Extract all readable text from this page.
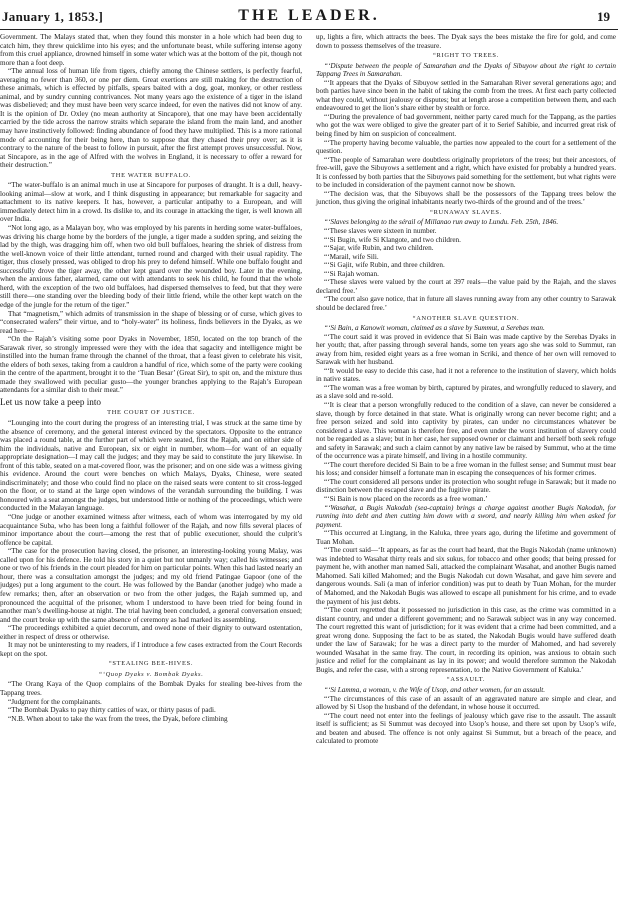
January 1, 1853.]	THE LEADER.	19

Government. The Malays stated that, when they found this monster in a hole which had been dug to catch him, they threw quicklime into his eyes; and the unfortunate beast, while suffering intense agony from this cruel appliance, drowned himself in some water which was at the bottom of the pit, though not more than a foot deep.

“The annual loss of human life from tigers, chiefly among the Chinese settlers, is perfectly fearful, averaging no fewer than 360, or one per diem. Great exertions are still making for the destruction of these animals, which is effected by pitfalls, spears baited with a dog, goat, monkey, or other restless animal, and by sundry cunning contrivances. Not many years ago the existence of a tiger in the island was disbelieved; and they must have been very scarce indeed, for even the natives did not know of any. It is the opinion of Dr. Oxley (no mean authority at Sincapore), that one may have been accidentally carried by the tide across the narrow straits which separate the island from the main land, and another may have instinctively followed: finding abundance of food they have multiplied. This is a more rational mode of accounting for their being here, than to suppose that they chased their prey over; as it is contrary to the nature of the beast to follow in pursuit, after the first attempt proves unsuccessful. Now, at Sincapore, as in the age of Alfred with the wolves in England, it is necessary to offer a reward for their destruction.”

THE WATER BUFFALO.

“The water-buffalo is an animal much in use at Sincapore for purposes of draught. It is a dull, heavy-looking animal—slow at work, and I think disgusting in appearance; but remarkable for sagacity and attachment to its native keepers. It has, however, a particular antipathy to a European, and will immediately detect him in a crowd. Its dislike to, and its courage in attacking the tiger, is well known all over India.

“Not long ago, as a Malayan boy, who was employed by his parents in herding some water-buffaloes, was driving his charge home by the borders of the jungle, a tiger made a sudden spring, and seizing the lad by the thigh, was dragging him off, when two old bull buffaloes, hearing the shriek of distress from the well-known voice of their little attendant, turned round and charged with their usual rapidity. The tiger, thus closely pressed, was obliged to drop his prey to defend himself. While one buffalo fought and successfully drove the tiger away, the other kept guard over the wounded boy. Later in the evening, when the anxious father, alarmed, came out with attendants to seek his child, he found that the whole herd, with the exception of the two old buffaloes, had dispersed themselves to feed, but that they were still there—one standing over the bleeding body of their little friend, while the other kept watch on the edge of the jungle for the return of the tiger.”

That “magnetism,” which admits of transmission in the shape of blessing or of curse, which gives to “consecrated wafers” their virtue, and to “holy-water” its holiness, finds believers in the Dyaks, as we read here—

“On the Rajah’s visiting some poor Dyaks in November, 1850, located on the top branch of the Sarawak river, so strongly impressed were they with the idea that sagacity and intelligence might be instilled into the human frame through the channel of the throat, that a feast given to celebrate his visit, the elders of both sexes, taking from a cauldron a handful of rice, which some of the party were cooking in the centre of the apartment, brought it to the ‘Tuan Besar’ (Great Sir), to spit on, and the mixture thus made they swallowed with peculiar gusto—the younger branches applying to the Rajah’s European attendants for a similar dish to their meat.”

Let us now take a peep into

THE COURT OF JUSTICE.

“Lounging into the court during the progress of an interesting trial, I was struck at the same time by the absence of ceremony, and the general interest evinced by the spectators. Opposite to the entrance was placed a round table, at the further part of which were seated, first the Rajah, and on either side of him the individuals, native and European, six or eight in number, whom—for want of an equally appropriate designation—I may call the judges; and they may be said to constitute the jury likewise. In front of this table, seated on a mat-covered floor, was the prisoner; and on one side was a witness giving his evidence. Around the court were benches on which Malays, Dyaks, Chinese, were seated indiscriminately; and those who could find no place on the raised seats were content to sit cross-legged on the floor, or to stand at the large open windows of the verandah surrounding the building. I was honoured with a seat amongst the judges, but understood little or nothing of the proceedings, which were conducted in the Malayan language.

“One judge or another examined witness after witness, each of whom was interrogated by my old acquaintance Suba, who has been long a faithful follower of the Rajah, and now fills several places of minor importance about the court—among the rest that of public executioner, should the culprit’s offence be capital.

“The case for the prosecution having closed, the prisoner, an interesting-looking young Malay, was called upon for his defence. He told his story in a quiet but not unmanly way; called his witnesses; and one or two of his friends in the court pleaded for him on particular points. When this had lasted nearly an hour, there was a consultation amongst the judges; and my old friend Patingae Gapoor (one of the judges) put a long argument to the court. He was followed by the Bandar (another judge) who made a few remarks; then, after an observation or two from the other judges, the Rajah summed up, and pronounced the acquittal of the prisoner, whom I understood to have been tried for being found in another man’s dwelling-house at night. The trial having been concluded, a general conversation ensued; and the court broke up with the same absence of ceremony as had marked its assembling.

“The proceedings exhibited a quiet decorum, and owed none of their dignity to outward ostentation, either in respect of dress or otherwise.

It may not be uninteresting to my readers, if I introduce a few cases extracted from the Court Records kept on the spot.

“STEALING BEE-HIVES.

“‘Quop Dyaks v. Bombak Dyaks.

“The Orang Kaya of the Quop complains of the Bombak Dyaks for stealing bee-hives from the Tappang trees.

“Judgment for the complainants.

“The Bombak Dyaks to pay thirty catties of wax, or thirty pasus of padi.

“N.B. When about to take the wax from the trees, the Dyak, before climbing

up, lights a fire, which attracts the bees. The Dyak says the bees mistake the fire for gold, and come down to possess themselves of the treasure.

“RIGHT TO TREES.

“‘Dispute between the people of Samarahan and the Dyaks of Sibuyow about the right to certain Tappang Trees in Samarahan.

“‘It appears that the Dyaks of Sibuyow settled in the Samarahan River several generations ago; and both parties have since been in the habit of taking the comb from the trees. At first each party collected what they could, without jealousy or disputes; but at length arose a competition between them, and each endeavoured to get the lion’s share either by stealth or force.

“‘During the prevalence of bad government, neither party cared much for the Tappang, as the parties who got the wax were obliged to give the greater part of it to Serief Sahibie, and incurred great risk of being fined by him on suspicion of concealment.

“‘The property having become valuable, the parties now appealed to the court for a settlement of the question.

“‘The people of Samarahan were doubtless originally proprietors of the trees; but their ancestors, of free-will, gave the Sibuyows a settlement and a right, which have existed for probably a hundred years. It is confessed by both parties that the Sibuyows paid something for the settlement, but what rights were to be included in consideration of the payment cannot now be shown.

“‘The decision was, that the Sibuyows shall be the possessors of the Tappang trees below the junction, thus giving the original inhabitants nearly two-thirds of the ground and of the trees.’

“RUNAWAY SLAVES.

“‘Slaves belonging to the sérail of Millanao run away to Lundu. Feb. 25th, 1846.

“‘These slaves were sixteen in number.

“‘Si Bugin, wife Si Klangote, and two children.

“‘Sajar, wife Rubin, and two children.

“‘Marail, wife Sili.

“‘Si Gajit, wife Rubin, and three children.

“‘Si Rajah woman.

“‘These slaves were valued by the court at 397 reals—the value paid by the Rajah, and the slaves declared free.’

“The court also gave notice, that in future all slaves running away from any other country to Sarawak should be declared free.’

“ANOTHER SLAVE QUESTION.

“‘Si Bain, a Kanowit woman, claimed as a slave by Summut, a Serebas man.

“‘The court said it was proved in evidence that Si Bain was made captive by the Serebas Dyaks in her youth; that, after passing through several hands, some ten years ago she was sold to Summut, ran away from him, resided eight years as a free woman in Scriki, and thence of her own will removed to Sarawak with her husband.

“‘It would be easy to decide this case, had it not a reference to the institution of slavery, which holds in native states.

“‘The woman was a free woman by birth, captured by pirates, and wrongfully reduced to slavery, and as a slave sold and re-sold.

“‘It is clear that a person wrongfully reduced to the condition of a slave, can never be considered a slave, though by force detained in that state. What is originally wrong can never become right; and a free person seized and sold into captivity by pirates, can under no circumstances whatever be considered a slave. This woman is therefore free, and even under the worst institution of slavery could not be regarded as a slave; but in her case, her supposed owner or claimant and herself both seek refuge and safety in Sarawak; and such a claim cannot by any native law be raised by Summut, who at the time of the occurrence was a pirate himself, and living in a hostile community.

“‘The court therefore decided Si Bain to be a free woman in the fullest sense; and Summut must bear his loss; and consider himself a fortunate man in escaping the consequences of his former crimes.

“‘The court considered all persons under its protection who sought refuge in Sarawak; but it made no distinction between the escaped slave and the fugitive pirate.

“‘Si Bain is now placed on the records as a free woman.’

“‘Wasahat, a Bugis Nakodah (sea-captain) brings a charge against another Bugis Nakodah, for running into debt and then cutting him down with a sword, and nearly killing him when asked for payment.

“‘This occurred at Lingtang, in the Kaluka, three years ago, during the lifetime and government of Tuan Mohan.

“‘The court said—‘It appears, as far as the court had heard, that the Bugis Nakodah (name unknown) was indebted to Wasahat thirty reals and six sukus, for tobacco and other goods; that being pressed for payment he, with another man named Sali, attacked the complainant Wasahat, and another Bugis named Mahomed. Sali killed Mahomed; and the Bugis Nakodah cut down Wasahat, and gave him severe and dangerous wounds. Sali (a man of inferior condition) was put to death by Tuan Mohan, for the murder of Mahomed, and the Nakodah Bugis was allowed to escape all punishment for his crime, and to evade the payment of his just debts.

“‘The court regretted that it possessed no jurisdiction in this case, as the crime was committed in a distant country, and under a different government; and no Sarawak subject was in any way concerned. The court regretted this want of jurisdiction; for it was evident that a crime had been committed, and a great wrong done. Supposing the fact to be as stated, the Nakodah Bugis would have suffered death under the law of Sarawak; for he was a direct party to the murder of Mahomed, and had severely wounded Wasahat in the same fray. The court, in recording its opinion, was anxious to obtain such justice and relief for the complainant as lay in its power; and would therefore summon the Nakodah Bugis, and refer the case, with a strong representation, to the Native Government of Kaluka.’

“ASSAULT.

“‘Si Lamma, a woman, v. the Wife of Usop, and other women, for an assault.

“‘The circumstances of this case of an assault of an aggravated nature are simple and clear, and allowed by Si Usop the husband of the defendant, in whose house it occurred.

“‘The court need not enter into the feelings of jealousy which gave rise to the assault. The assault itself is sufficient; as Si Summut was decoyed into Usop’s house, and there set upon by Usop’s wife, and beaten and abused. The offence is not only against Si Summut, but a breach of the peace, and calculated to promote
